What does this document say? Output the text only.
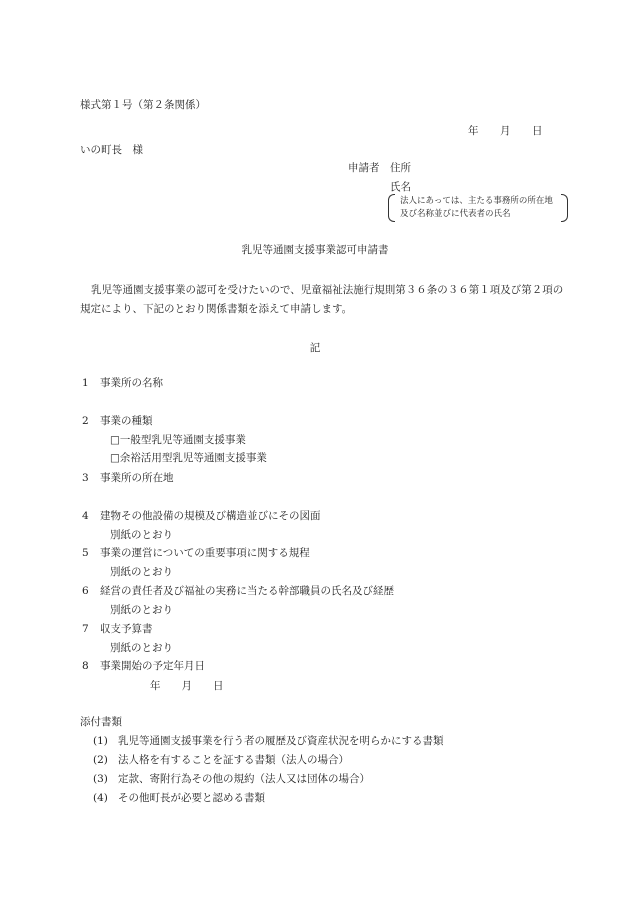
様式第１号（第２条関係）
年 月 日
いの町長　様
申請者 住所
氏名
法人にあっては、主たる事務所の所在地
及び名称並びに代表者の氏名
乳児等通園支援事業認可申請書
乳児等通園支援事業の認可を受けたいので、児童福祉法施行規則第３６条の３６第１項及び第２項の
規定により、下記のとおり関係書類を添えて申請します。
記
1 事業所の名称
2 事業の種類
□一般型乳児等通園支援事業
□余裕活用型乳児等通園支援事業
3 事業所の所在地
4 建物その他設備の規模及び構造並びにその図面
別紙のとおり
5 事業の運営についての重要事項に関する規程
別紙のとおり
6 経営の責任者及び福祉の実務に当たる幹部職員の氏名及び経歴
別紙のとおり
7 収支予算書
別紙のとおり
8 事業開始の予定年月日
年　　月　　日
添付書類
(1) 乳児等通園支援事業を行う者の履歴及び資産状況を明らかにする書類
(2) 法人格を有することを証する書類（法人の場合）
(3) 定款、寄附行為その他の規約（法人又は団体の場合）
(4) その他町長が必要と認める書類
